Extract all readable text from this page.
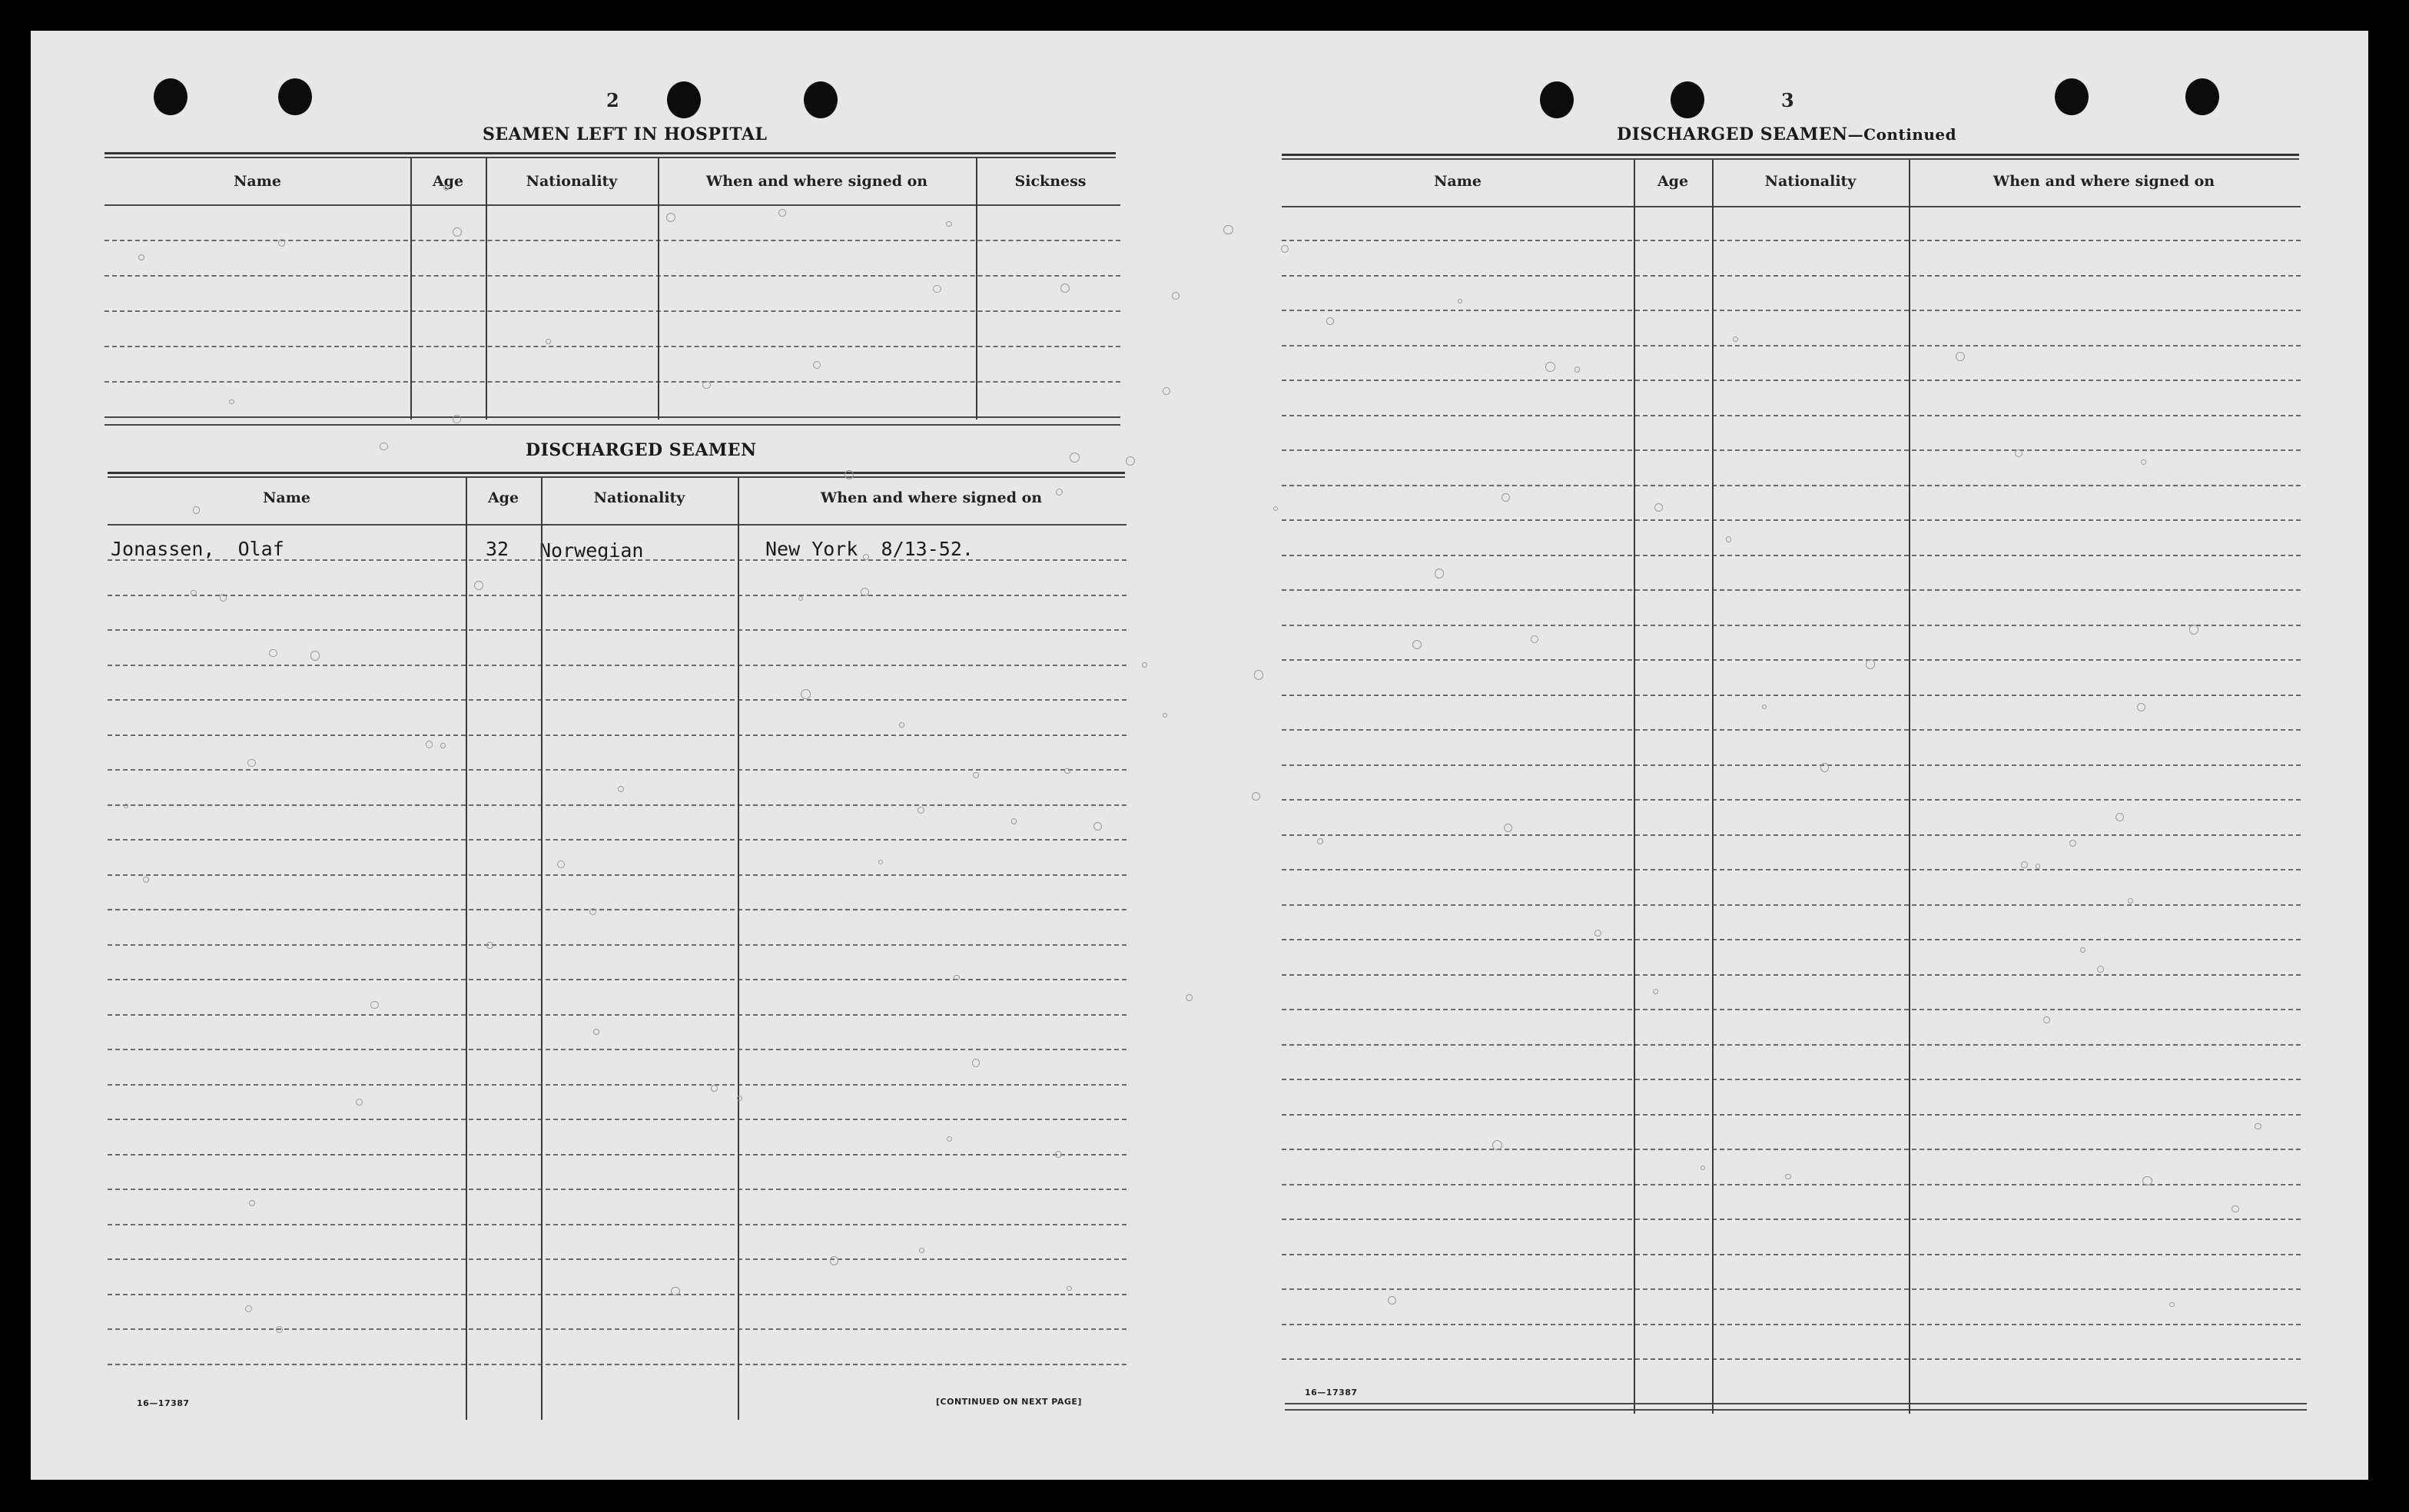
2
SEAMEN LEFT IN HOSPITAL
Name	Age	Nationality	When and where signed on	Sickness
DISCHARGED SEAMEN
Name	Age	Nationality	When and where signed on
Jonassen,  Olaf	32 Norwegian	New York  8/13-52.
16—17387	[CONTINUED ON NEXT PAGE]
3
DISCHARGED SEAMEN—Continued
Name	Age	Nationality	When and where signed on
16—17387
